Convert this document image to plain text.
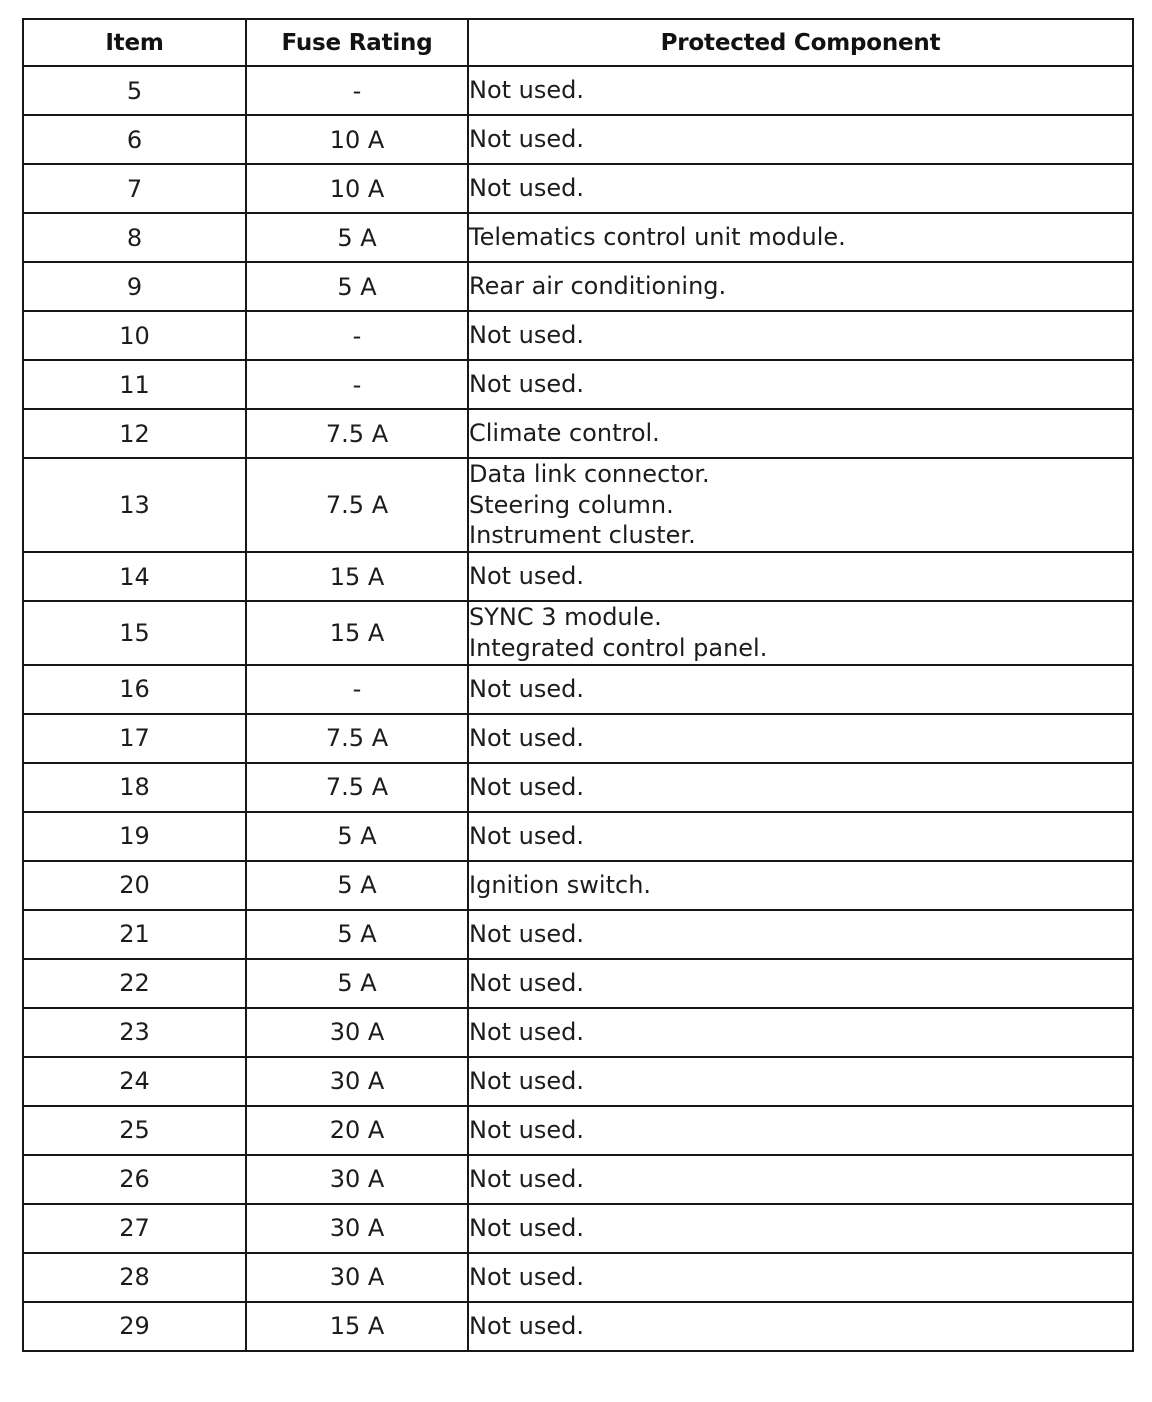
Item	Fuse Rating	Protected Component
5	-	Not used.

6	10 A	Not used.

7	10 A	Not used.

8	5 A	Telematics control unit module.

9	5 A	Rear air conditioning.

10	-	Not used.

11	-	Not used.

12	7.5 A	Climate control.

13	7.5 A	Data link connector.
Steering column.
Instrument cluster.

14	15 A	Not used.

15	15 A	SYNC 3 module.
Integrated control panel.

16	-	Not used.

17	7.5 A	Not used.

18	7.5 A	Not used.

19	5 A	Not used.

20	5 A	Ignition switch.

21	5 A	Not used.

22	5 A	Not used.

23	30 A	Not used.

24	30 A	Not used.

25	20 A	Not used.

26	30 A	Not used.

27	30 A	Not used.

28	30 A	Not used.

29	15 A	Not used.
